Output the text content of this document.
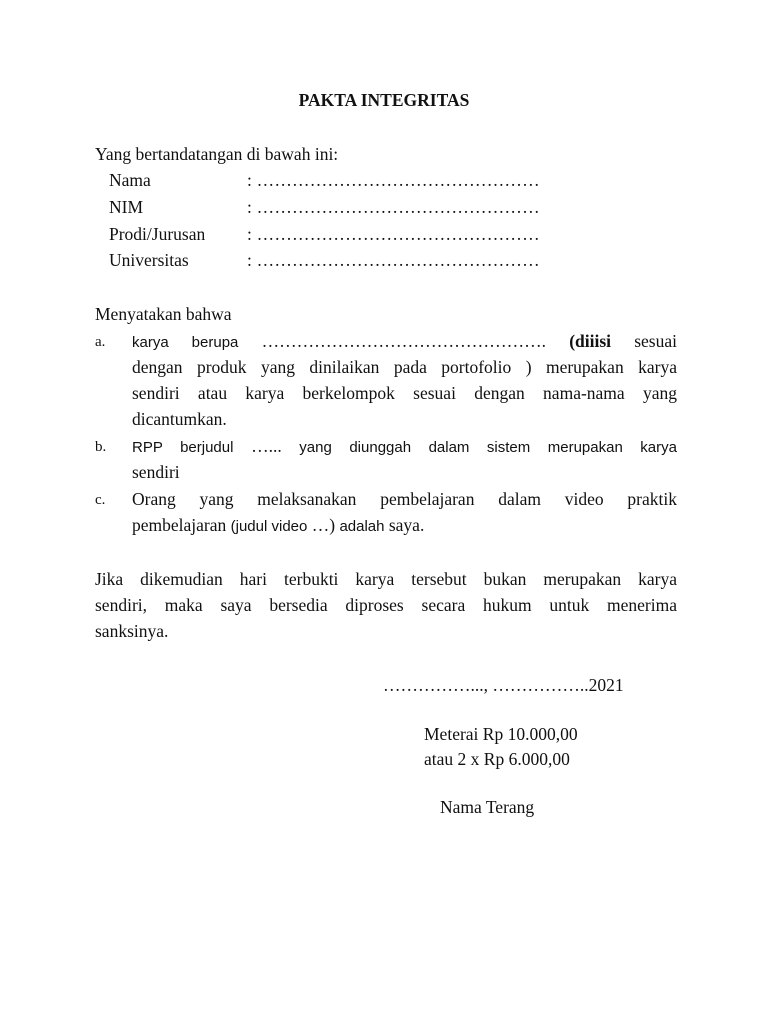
PAKTA INTEGRITAS
Yang bertandatangan di bawah ini:
Nama	: …………………………………………
NIM	: …………………………………………
Prodi/Jurusan : …………………………………………
Universitas	: …………………………………………
Menyatakan bahwa
a. karya berupa …………………………………………. (diiisi sesuai
dengan produk yang dinilaikan pada portofolio ) merupakan karya
sendiri atau karya berkelompok sesuai dengan nama-nama yang
dicantumkan.
b. RPP berjudul …... yang diunggah dalam sistem merupakan karya
sendiri
c. Orang yang melaksanakan pembelajaran dalam video praktik
pembelajaran (judul video …) adalah saya.
Jika dikemudian hari terbukti karya tersebut bukan merupakan karya
sendiri, maka saya bersedia diproses secara hukum untuk menerima
sanksinya.
……………..., ……………..2021
Meterai Rp 10.000,00
atau 2 x Rp 6.000,00
Nama Terang
